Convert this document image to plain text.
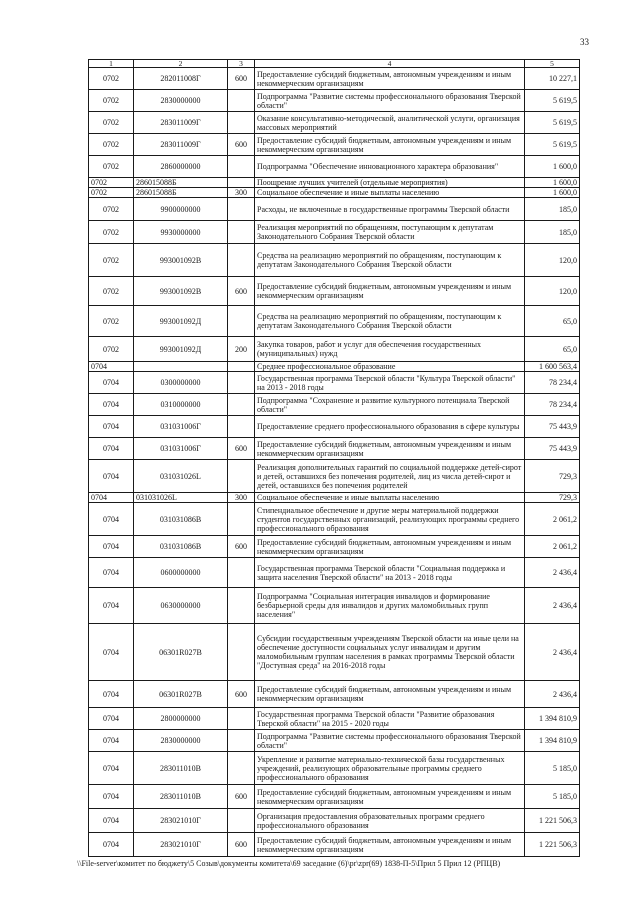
33
1	2	3	4	5
0702	282011008Г	600	Предоставление субсидий бюджетным, автономным учреждениям и иным некоммерческим организациям	10 227,1
0702	2830000000		Подпрограмма "Развитие системы профессионального образования Тверской области"	5 619,5
0702	283011009Г		Оказание консультативно-методической, аналитической услуги, организация массовых мероприятий	5 619,5
0702	283011009Г	600	Предоставление субсидий бюджетным, автономным учреждениям и иным некоммерческим организациям	5 619,5
0702	2860000000		Подпрограмма "Обеспечение инновационного характера образования"	1 600,0
0702	286015088Б		Поощрение лучших учителей (отдельные мероприятия)	1 600,0
0702	286015088Б	300	Социальное обеспечение и иные выплаты населению	1 600,0
0702	9900000000		Расходы, не включенные в государственные программы Тверской области	185,0
0702	9930000000		Реализация мероприятий по обращениям, поступающим к депутатам Законодательного Собрания Тверской области	185,0
0702	993001092В		Средства на реализацию мероприятий по обращениям, поступающим к депутатам Законодательного Собрания Тверской области	120,0
0702	993001092В	600	Предоставление субсидий бюджетным, автономным учреждениям и иным некоммерческим организациям	120,0
0702	993001092Д		Средства на реализацию мероприятий по обращениям, поступающим к депутатам Законодательного Собрания Тверской области	65,0
0702	993001092Д	200	Закупка товаров, работ и услуг для обеспечения государственных (муниципальных) нужд	65,0
0704			Среднее профессиональное образование	1 600 563,4
0704	0300000000		Государственная программа Тверской области "Культура Тверской области" на 2013 - 2018 годы	78 234,4
0704	0310000000		Подпрограмма "Сохранение и развитие культурного потенциала Тверской области"	78 234,4
0704	031031006Г		Предоставление среднего профессионального образования в сфере культуры	75 443,9
0704	031031006Г	600	Предоставление субсидий бюджетным, автономным учреждениям и иным некоммерческим организациям	75 443,9
0704	031031026L		Реализация дополнительных гарантий по социальной поддержке детей-сирот и детей, оставшихся без попечения родителей, лиц из числа детей-сирот и детей, оставшихся без попечения родителей	729,3
0704	031031026L	300	Социальное обеспечение и иные выплаты населению	729,3
0704	031031086В		Стипендиальное обеспечение и другие меры материальной поддержки студентов государственных организаций, реализующих программы среднего профессионального образования	2 061,2
0704	031031086В	600	Предоставление субсидий бюджетным, автономным учреждениям и иным некоммерческим организациям	2 061,2
0704	0600000000		Государственная программа Тверской области "Социальная поддержка и защита населения Тверской области" на 2013 - 2018 годы	2 436,4
0704	0630000000		Подпрограмма "Социальная интеграция инвалидов и формирование безбарьерной среды для инвалидов и других маломобильных групп населения"	2 436,4
0704	06301R027В		Субсидии государственным учреждениям Тверской области на иные цели на обеспечение доступности социальных услуг инвалидам и другим маломобильным группам населения в рамках программы Тверской области "Доступная среда" на 2016-2018 годы	2 436,4
0704	06301R027В	600	Предоставление субсидий бюджетным, автономным учреждениям и иным некоммерческим организациям	2 436,4
0704	2800000000		Государственная программа Тверской области "Развитие образования Тверской области" на 2015 - 2020 годы	1 394 810,9
0704	2830000000		Подпрограмма "Развитие системы профессионального образования Тверской области"	1 394 810,9
0704	283011010В		Укрепление и развитие материально-технической базы государственных учреждений, реализующих образовательные программы среднего профессионального образования	5 185,0
0704	283011010В	600	Предоставление субсидий бюджетным, автономным учреждениям и иным некоммерческим организациям	5 185,0
0704	283021010Г		Организация предоставления образовательных программ среднего профессионального образования	1 221 506,3
0704	283021010Г	600	Предоставление субсидий бюджетным, автономным учреждениям и иным некоммерческим организациям	1 221 506,3
\\File-server\комитет по бюджету\5 Созыв\документы комитета\69 заседание (6)\pr\zpr(69) 1838-П-5\Прил 5 Прил 12 (РПЦВ)
